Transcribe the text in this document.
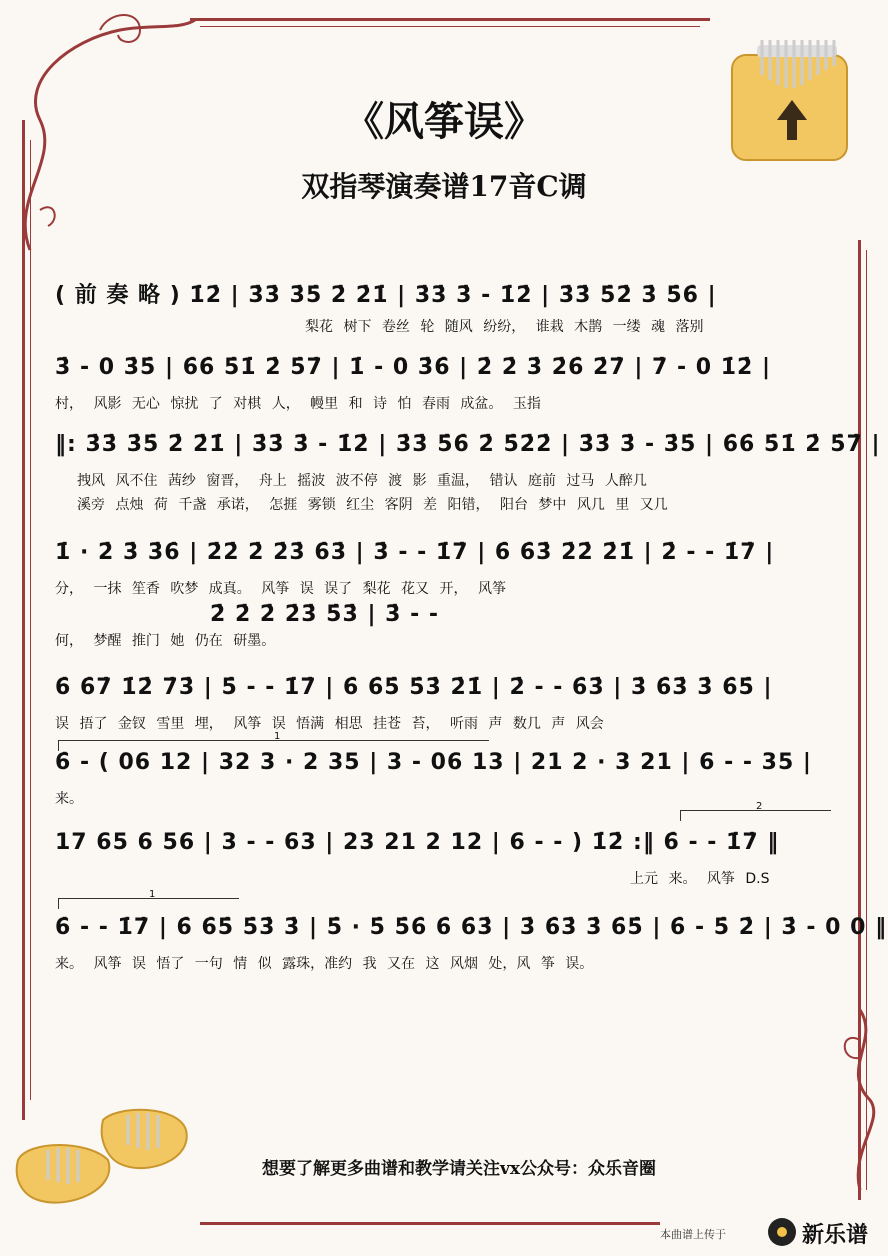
《风筝误》
双指琴演奏谱17音C调
( 前 奏 略 ) 1̇2̇ | 3̇3̇ 3̇5̇ 2̇ 2̇1̇ | 3̇3̇ 3̇ - 1̇2̇ | 3̇3̇ 5̇2̇ 3̇ 5̇6̇ |
梨花 树下 卷丝 轮 随风 纷纷， 谁栽 木鹊 一缕 魂 落别
3̇ - 0 3̇5̇ | 6̇6̇ 5̇1̇ 2̇ 5̇7̇ | 1̇ - 0 3̇6̇ | 2̇ 2̇ 3̇ 2̇6̇ 2̇7̇ | 7̇ - 0 1̇2̇ |
村， 风影 无心 惊扰 了 对棋 人， 幔里 和 诗 怕 春雨 成盆。 玉指
‖: 3̇3̇ 3̇5̇ 2̇ 2̇1̇ | 3̇3̇ 3̇ - 1̇2̇ | 3̇3̇ 5̇6̇ 2̇ 5̇2̇2̇ | 3̇3̇ 3̇ - 3̇5̇ | 6̇6̇ 5̇1̇ 2̇ 5̇7̇ |
拽风 风不住 茜纱 窗晋， 舟上 摇波 波不停 渡 影 重温， 错认 庭前 过马 人醉几
溪旁 点烛 荷 千盏 承诺， 怎捱 雾锁 红尘 客阴 差 阳错， 阳台 梦中 风几 里 又几
1̇ · 2̇ 3̇ 3̇6̇ | 2̇2̇ 2̇ 2̇3̇ 6̇3̇ | 3̇ - - 1̇7̇ | 6̇ 6̇3̇ 2̇2̇ 2̇1̇ | 2̇ - - 1̇7̇ |
分， 一抹 笙香 吹梦 成真。 风筝 误 误了 梨花 花又 开， 风筝
2̇ 2̇ 2̇ 2̇3̇ 5̇3̇ | 3̇ - -
何， 梦醒 推门 她 仍在 研墨。
6̇ 6̇7̇ 1̇2̇ 7̇3̇ | 5̇ - - 1̇7̇ | 6̇ 6̇5̇ 5̇3̇ 2̇1̇ | 2̇ - - 6̇3̇ | 3̇ 6̇3̇ 3̇ 6̇5̇ |
误 捂了 金钗 雪里 埋， 风筝 误 悟满 相思 挂苍 苔， 听雨 声 数几 声 风会
1
6̇ - ( 06 12 | 32 3 · 2 35 | 3 - 06 13 | 21 2 · 3 21 | 6 - - 35 |
来。	2
17 65 6 56 | 3 - - 63 | 23 21 2 12 | 6 - - ) 1̇2̇ :‖ 6̇ - - 1̇7̇ ‖
上元 来。 风筝 D.S
1
6̇ - - 1̇7̇ | 6̇ 6̇5̇ 5̇3̇ 3̇ | 5̇ · 5̇ 5̇6̇ 6̇ 6̇3̇ | 3̇ 6̇3̇ 3̇ 6̇5̇ | 6̇ - 5̇ 2̇ | 3̇ - 0 0 ‖
来。 风筝 误 悟了 一句 情 似 露珠，准约 我 又在 这 风烟 处，风 筝 误。
想要了解更多曲谱和教学请关注vx公众号：众乐音圈
本曲谱上传于	新乐谱
